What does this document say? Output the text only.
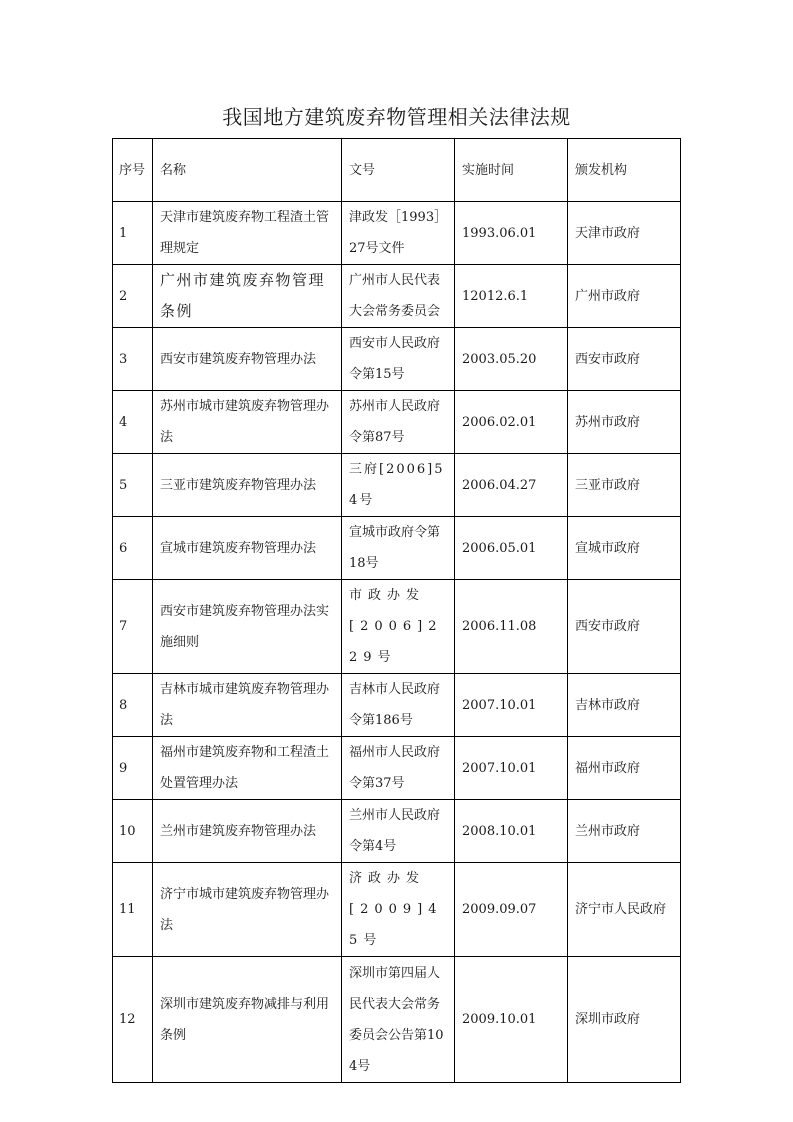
我国地方建筑废弃物管理相关法律法规
序号	名称	文号	实施时间	颁发机构
1	天津市建筑废弃物工程渣土管理规定	津政发［1993］27号文件	1993.06.01	天津市政府
2	广州市建筑废弃物管理条例	广州市人民代表大会常务委员会	12012.6.1	广州市政府
3	西安市建筑废弃物管理办法	西安市人民政府令第15号	2003.05.20	西安市政府
4	苏州市城市建筑废弃物管理办法	苏州市人民政府令第87号	2006.02.01	苏州市政府
5	三亚市建筑废弃物管理办法	三府[2006]54号	2006.04.27	三亚市政府
6	宣城市建筑废弃物管理办法	宣城市政府令第18号	2006.05.01	宣城市政府
7	西安市建筑废弃物管理办法实施细则	市政办发[2006]229号	2006.11.08	西安市政府
8	吉林市城市建筑废弃物管理办法	吉林市人民政府令第186号	2007.10.01	吉林市政府
9	福州市建筑废弃物和工程渣土处置管理办法	福州市人民政府令第37号	2007.10.01	福州市政府
10	兰州市建筑废弃物管理办法	兰州市人民政府令第4号	2008.10.01	兰州市政府
11	济宁市城市建筑废弃物管理办法	济政办发[2009]45号	2009.09.07	济宁市人民政府
12	深圳市建筑废弃物减排与利用条例	深圳市第四届人民代表大会常务委员会公告第104号	2009.10.01	深圳市政府
